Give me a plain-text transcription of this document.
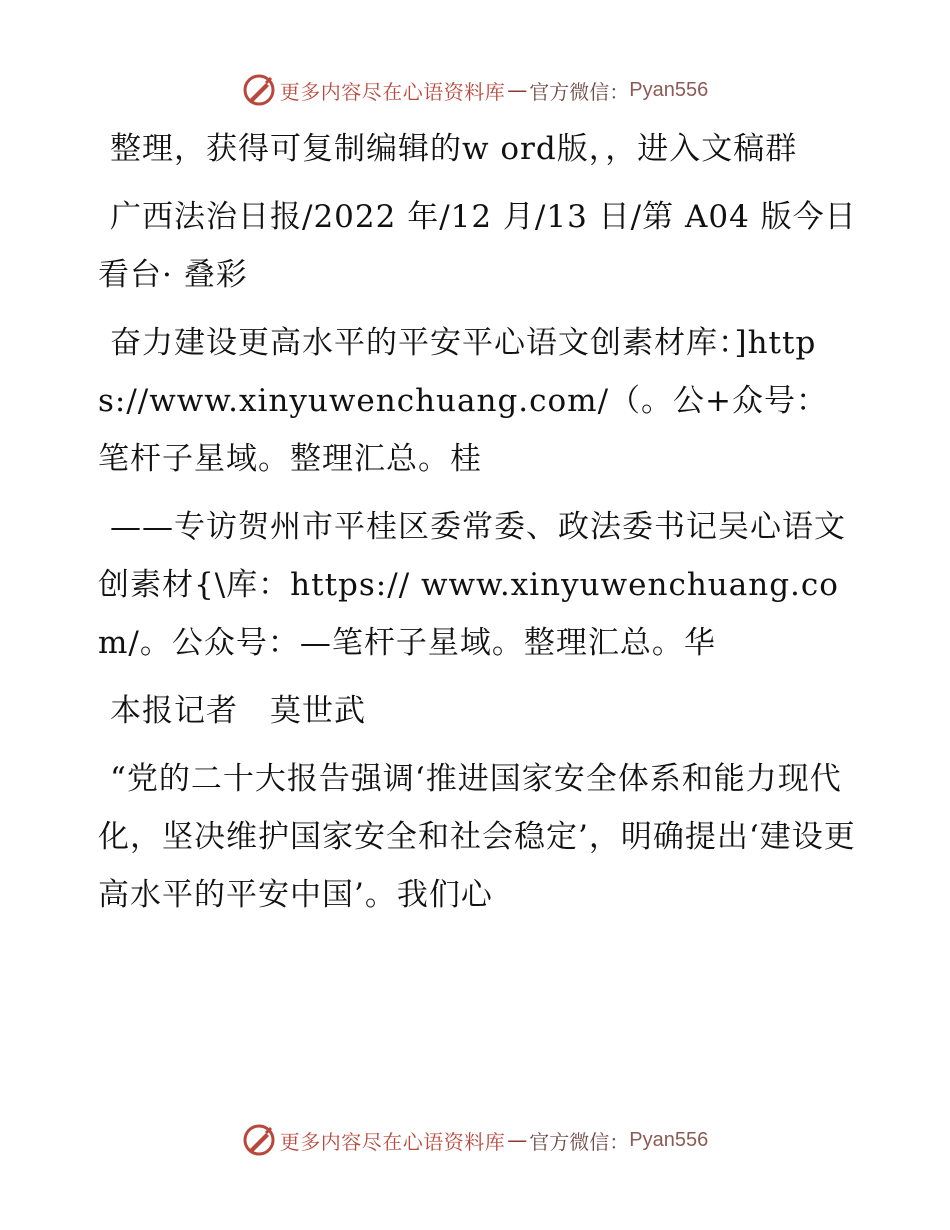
更多内容尽在心语资料库 — 官方微信： Pyan556

整理，获得可复制编辑的w ord版，，进入文稿群

广西法治日报/2022 年/12 月/13 日/第 A04 版今日看台· 叠彩

奋力建设更高水平的平安平心语文创素材库：]https://www.xinyuwenchuang.com/（。公+众号：笔杆子星域。整理汇总。桂

——专访贺州市平桂区委常委、政法委书记吴心语文创素材{\库：https:// www.xinyuwenchuang.com/。公众号：—笔杆子星域。整理汇总。华

本报记者　莫世武

“党的二十大报告强调‘推进国家安全体系和能力现代化，坚决维护国家安全和社会稳定’，明确提出‘建设更高水平的平安中国’。我们心

更多内容尽在心语资料库 — 官方微信： Pyan556
